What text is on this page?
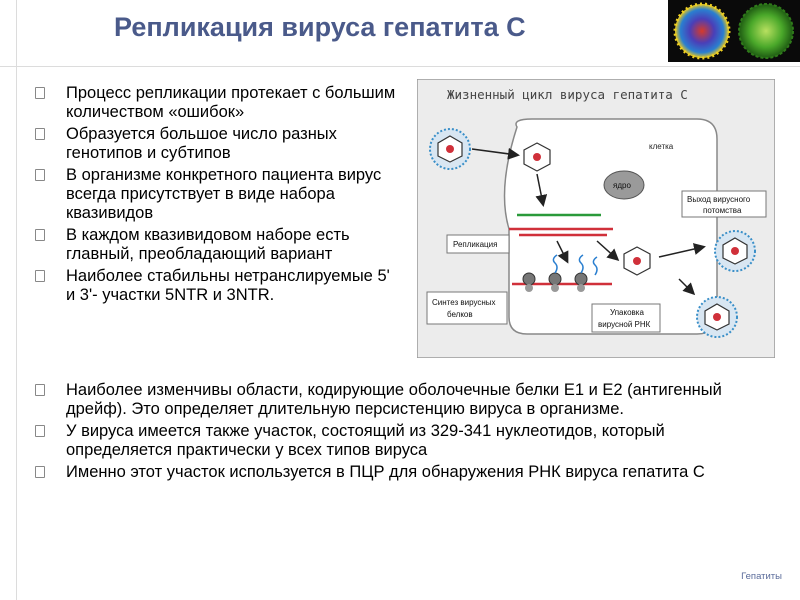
Репликация вируса гепатита С
Процесс репликации протекает с большим количеством «ошибок»
Образуется большое число разных генотипов и субтипов
В организме конкретного пациента вирус всегда присутствует в виде набора квазивидов
В каждом квазивидовом наборе есть главный, преобладающий вариант
Наиболее стабильны нетранслируемые 5' и 3'- участки 5NTR и 3NTR.
Жизненный цикл вируса гепатита С
клетка
ядро
Репликация
Синтез вирусных
белков	Упаковка
вирусной РНК
Выход вирусного
потомства
Наиболее изменчивы области, кодирующие оболочечные белки Е1 и Е2 (антигенный дрейф). Это определяет длительную персистенцию вируса в организме.
У вируса имеется также участок, состоящий из 329-341 нуклеотидов, который определяется практически у всех типов вируса
Именно этот участок используется в ПЦР для обнаружения РНК вируса гепатита С
Гепатиты
